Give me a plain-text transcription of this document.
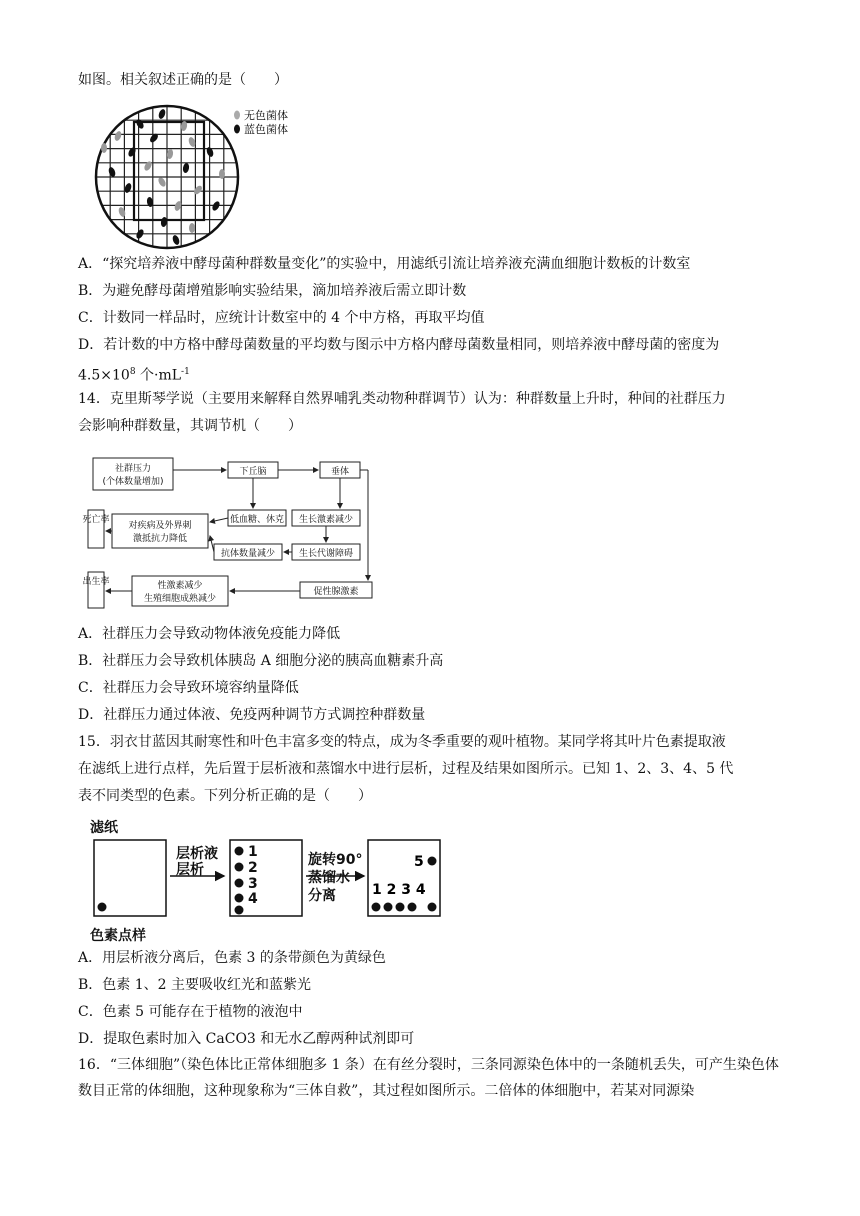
如图。相关叙述正确的是（　　）
无色菌体
蓝色菌体
A．“探究培养液中酵母菌种群数量变化”的实验中，用滤纸引流让培养液充满血细胞计数板的计数室
B．为避免酵母菌增殖影响实验结果，滴加培养液后需立即计数
C．计数同一样品时，应统计计数室中的 4 个中方格，再取平均值
D．若计数的中方格中酵母菌数量的平均数与图示中方格内酵母菌数量相同，则培养液中酵母菌的密度为
$4.5\times 10^8$ 个$\cdot mL^{-1}$
14．克里斯琴学说（主要用来解释自然界哺乳类动物种群调节）认为：种群数量上升时，种间的社群压力
会影响种群数量，其调节机（　　）
社群压力
(个体数量增加)
下丘脑	垂体
低血糖、休克 生长激素减少
死亡率
对疾病及外界刺
激抵抗力降低
抗体数量减少	生长代谢障碍
出生率	性激素减少
生殖细胞成熟减少
促性腺激素
A．社群压力会导致动物体液免疫能力降低
B．社群压力会导致机体胰岛 A 细胞分泌的胰高血糖素升高
C．社群压力会导致环境容纳量降低
D．社群压力通过体液、免疫两种调节方式调控种群数量
15．羽衣甘蓝因其耐寒性和叶色丰富多变的特点，成为冬季重要的观叶植物。某同学将其叶片色素提取液
在滤纸上进行点样，先后置于层析液和蒸馏水中进行层析，过程及结果如图所示。已知 1、2、3、4、5 代
表不同类型的色素。下列分析正确的是（　　）
滤纸
色素点样
层析液
层析
旋转90°
蒸馏水
分离
1
2
3
4
5
1 2 3 4
A．用层析液分离后，色素 3 的条带颜色为黄绿色
B．色素 1、2 主要吸收红光和蓝紫光
C．色素 5 可能存在于植物的液泡中
D．提取色素时加入 CaCO3 和无水乙醇两种试剂即可
16．“三体细胞”（染色体比正常体细胞多 1 条）在有丝分裂时，三条同源染色体中的一条随机丢失，可产生染色体数目正常的体细胞，这种现象称为“三体自救”，其过程如图所示。二倍体的体细胞中，若某对同源染
